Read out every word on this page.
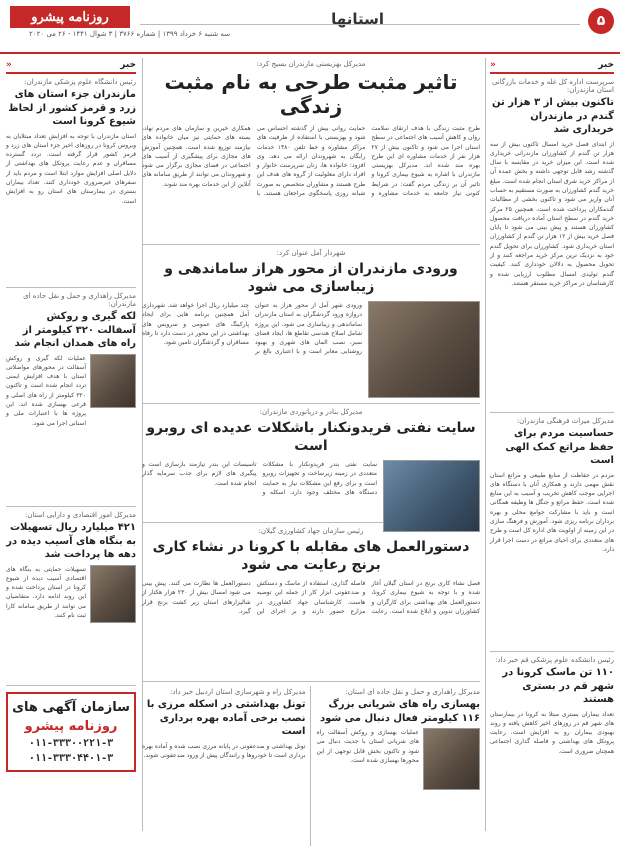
۵
استانها
روزنامه پیشرو
سه شنبه ۶ خرداد ۱۳۹۹ | شماره ۳۷۶۶ | ۳ شوال ۱۴۴۱ - ۲۶ می ۲۰۲۰
خبر
«
سرپرست اداره کل غله و خدمات بازرگانی استان مازندران:
تاکنون بیش از ۳ هزار تن گندم در مازندران خریداری شد
از ابتدای فصل خرید امسال تاکنون بیش از سه هزار تن گندم از کشاورزان مازندرانی خریداری شده است. این میزان خرید در مقایسه با سال گذشته رشد قابل توجهی داشته و بخش عمده آن از مراکز خرید شرق استان انجام شده است. مبلغ خرید گندم کشاورزان به صورت مستقیم به حساب آنان واریز می شود و تاکنون بخشی از مطالبات گندمکاران پرداخت شده است. همچنین ۲۵ مرکز خرید گندم در سطح استان آماده دریافت محصول کشاورزان هستند و پیش بینی می شود تا پایان فصل خرید بیش از ۱۲ هزار تن گندم از کشاورزان استان خریداری شود. کشاورزان برای تحویل گندم خود به نزدیک ترین مرکز خرید مراجعه کنند و از تحویل محصول به دلالان خودداری کنند. کیفیت گندم تولیدی امسال مطلوب ارزیابی شده و کارشناسان در مراکز خرید مستقر هستند.
مدیرکل میراث فرهنگی مازندران:
حساسیت مردم برای حفظ مراتع کمک الهی است
مردم در حفاظت از منابع طبیعی و مراتع استان نقش مهمی دارند و همکاری آنان با دستگاه های اجرایی موجب کاهش تخریب و آسیب به این منابع شده است. حفظ مراتع و جنگل ها وظیفه همگانی است و باید با مشارکت جوامع محلی و بهره برداران برنامه ریزی شود. آموزش و فرهنگ سازی در این زمینه از اولویت های اداره کل است و طرح های متعددی برای احیای مراتع در دست اجرا قرار دارد.
رئیس دانشکده علوم پزشکی قم خبر داد:
۱۱۰ تن ماسک کرونا در شهر قم در بستری هستند
تعداد بیماران بستری مبتلا به کرونا در بیمارستان های شهر قم در روزهای اخیر کاهش یافته و روند بهبودی بیماران رو به افزایش است. رعایت پروتکل های بهداشتی و فاصله گذاری اجتماعی همچنان ضروری است.
مدیرکل بهزیستی مازندران بسیج کرد:
تاثیر مثبت طرحی به نام مثبت زندگی
طرح مثبت زندگی با هدف ارتقای سلامت روان و کاهش آسیب های اجتماعی در سطح استان اجرا می شود و تاکنون بیش از ۲۷ هزار نفر از خدمات مشاوره ای این طرح بهره مند شده اند. مدیرکل بهزیستی مازندران با اشاره به شیوع بیماری کرونا و تاثیر آن بر زندگی مردم گفت: در شرایط کنونی نیاز جامعه به خدمات مشاوره و حمایت روانی بیش از گذشته احساس می شود و بهزیستی با استفاده از ظرفیت های مراکز مشاوره و خط تلفن ۱۴۸۰ خدمات رایگان به شهروندان ارائه می دهد. وی افزود: خانواده ها، زنان سرپرست خانوار و افراد دارای معلولیت از گروه های هدف این طرح هستند و مشاوران متخصص به صورت شبانه روزی پاسخگوی مراجعان هستند. با همکاری خیرین و سازمان های مردم نهاد، بسته های حمایتی نیز میان خانواده های نیازمند توزیع شده است. همچنین آموزش های مجازی برای پیشگیری از آسیب های اجتماعی در فضای مجازی برگزار می شود و شهروندان می توانند از طریق سامانه های آنلاین از این خدمات بهره مند شوند.
شهردار آمل عنوان کرد:
ورودی مازندران از محور هراز ساماندهی و زیباسازی می شود
ورودی شهر آمل از محور هراز به عنوان دروازه ورود گردشگران به استان مازندران ساماندهی و زیباسازی می شود. این پروژه شامل اصلاح هندسی تقاطع ها، ایجاد فضای سبز، نصب المان های شهری و بهبود روشنایی معابر است و با اعتباری بالغ بر چند میلیارد ریال اجرا خواهد شد. شهرداری آمل همچنین برنامه هایی برای ایجاد پارکینگ های عمومی و سرویس های بهداشتی در این محور در دست دارد تا رفاه مسافران و گردشگران تامین شود.
مدیرکل بنادر و دریانوردی مازندران:
سایت نفتی فریدونکنار باشکلات عدیده ای روبرو است
سایت نفتی بندر فریدونکنار با مشکلات متعددی در زمینه زیرساخت و تجهیزات روبرو است و برای رفع این مشکلات نیاز به حمایت دستگاه های مختلف وجود دارد. اسکله و تاسیسات این بندر نیازمند بازسازی است و پیگیری های لازم برای جذب سرمایه گذار انجام شده است.
رئیس سازمان جهاد کشاورزی گیلان:
دستورالعمل های مقابله با کرونا در نشاء کاری برنج رعایت می شود
فصل نشاء کاری برنج در استان گیلان آغاز شده و با توجه به شیوع بیماری کرونا، دستورالعمل های بهداشتی برای کارگران و کشاورزان تدوین و ابلاغ شده است. رعایت فاصله گذاری، استفاده از ماسک و دستکش و ضدعفونی ابزار کار از جمله این توصیه هاست. کارشناسان جهاد کشاورزی در مزارع حضور دارند و بر اجرای این دستورالعمل ها نظارت می کنند. پیش بینی می شود امسال بیش از ۲۳۰ هزار هکتار از شالیزارهای استان زیر کشت برنج قرار گیرد.
مدیرکل راهداری و حمل و نقل جاده ای استان:
بهسازی راه های شریانی بزرگ ۱۱۶ کیلومتر فعال دنبال می شود
عملیات بهسازی و روکش آسفالت راه های شریانی استان با جدیت دنبال می شود و تاکنون بخش قابل توجهی از این محورها بهسازی شده است.
مدیرکل راه و شهرسازی استان اردبیل خبر داد:
تونل بهداشتی در اسکله مرزی با نصب برخی آماده بهره برداری است
تونل بهداشتی و ضدعفونی در پایانه مرزی نصب شده و آماده بهره برداری است تا خودروها و رانندگان پیش از ورود ضدعفونی شوند.
خبر
«
رئیس دانشگاه علوم پزشکی مازندران:
مازندران جزء استان های زرد و قرمز کشور از لحاظ شیوع کرونا است
استان مازندران با توجه به افزایش تعداد مبتلایان به ویروس کرونا در روزهای اخیر جزء استان های زرد و قرمز کشور قرار گرفته است. تردد گسترده مسافران و عدم رعایت پروتکل های بهداشتی از دلایل اصلی افزایش موارد ابتلا است و مردم باید از سفرهای غیرضروری خودداری کنند. تعداد بیماران بستری در بیمارستان های استان رو به افزایش است.
مدیرکل راهداری و حمل و نقل جاده ای مازندران:
لکه گیری و روکش آسفالت ۳۲۰ کیلومتر از راه های همدان انجام شد
عملیات لکه گیری و روکش آسفالت در محورهای مواصلاتی استان با هدف افزایش ایمنی تردد انجام شده است و تاکنون ۳۲۰ کیلومتر از راه های اصلی و فرعی بهسازی شده اند. این پروژه ها با اعتبارات ملی و استانی اجرا می شود.
مدیرکل امور اقتصادی و دارایی استان:
۴۲۱ میلیارد ریال تسهیلات به بنگاه های آسیب دیده در دهه ها پرداخت شد
تسهیلات حمایتی به بنگاه های اقتصادی آسیب دیده از شیوع کرونا در استان پرداخت شده و این روند ادامه دارد. متقاضیان می توانند از طریق سامانه کارا ثبت نام کنند.
سازمان آگهی های
روزنامه پیشرو
۰۱۱-۳۳۳۰۰۲۲۱-۳
۰۱۱-۳۳۳۰۴۴۰۱-۳
